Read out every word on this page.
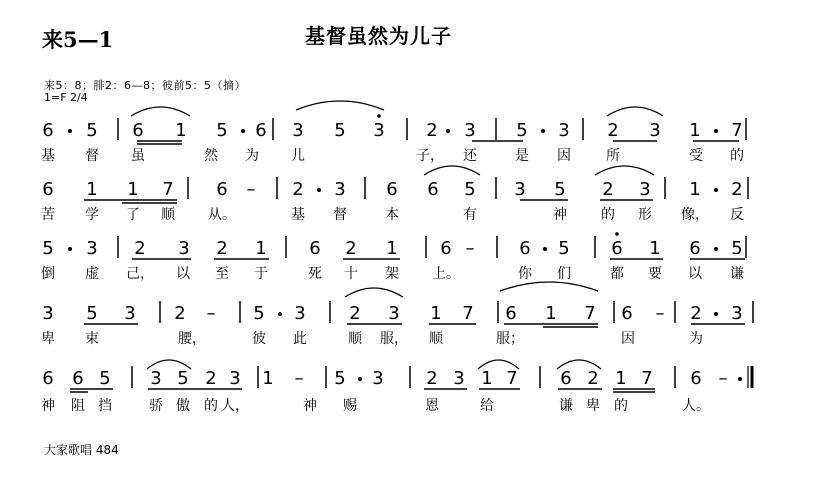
来5—1	基督虽然为儿子
来5：8；腓2：6—8；彼前5：5（摘）
1=F 2/4
6 5 6 1 5 6 3 5 3 2 3 5 3 2 3 1 7
基 督 虽	然 为 儿	子， 还	是 因	所	受 的
6 1 1 7 6 – 2 3 6 6 5 3 5 2 3 1 2
苦 学 了 顺 从。	基 督	本	有	神 的 形 像， 反
5 3 2 3 2 1 6 2 1 6 – 6 5 6 1 6 5
倒 虚 己， 以 至 于	死 十 架 上。	你 们	都 要 以 谦
3 5 3 2 – 5 3 2 3 1 7 6 1 7 6 – 2 3
卑 束	腰，	彼 此	顺 服， 顺	服；	因	为
6 6 5 3 5 2 3 1 – 5 3 2 3 1 7 6 2 1 7 6 –
神 阻 挡	骄 傲 的 人，	神 赐	恩	给	谦 卑 的	人。
大家歌唱 484
